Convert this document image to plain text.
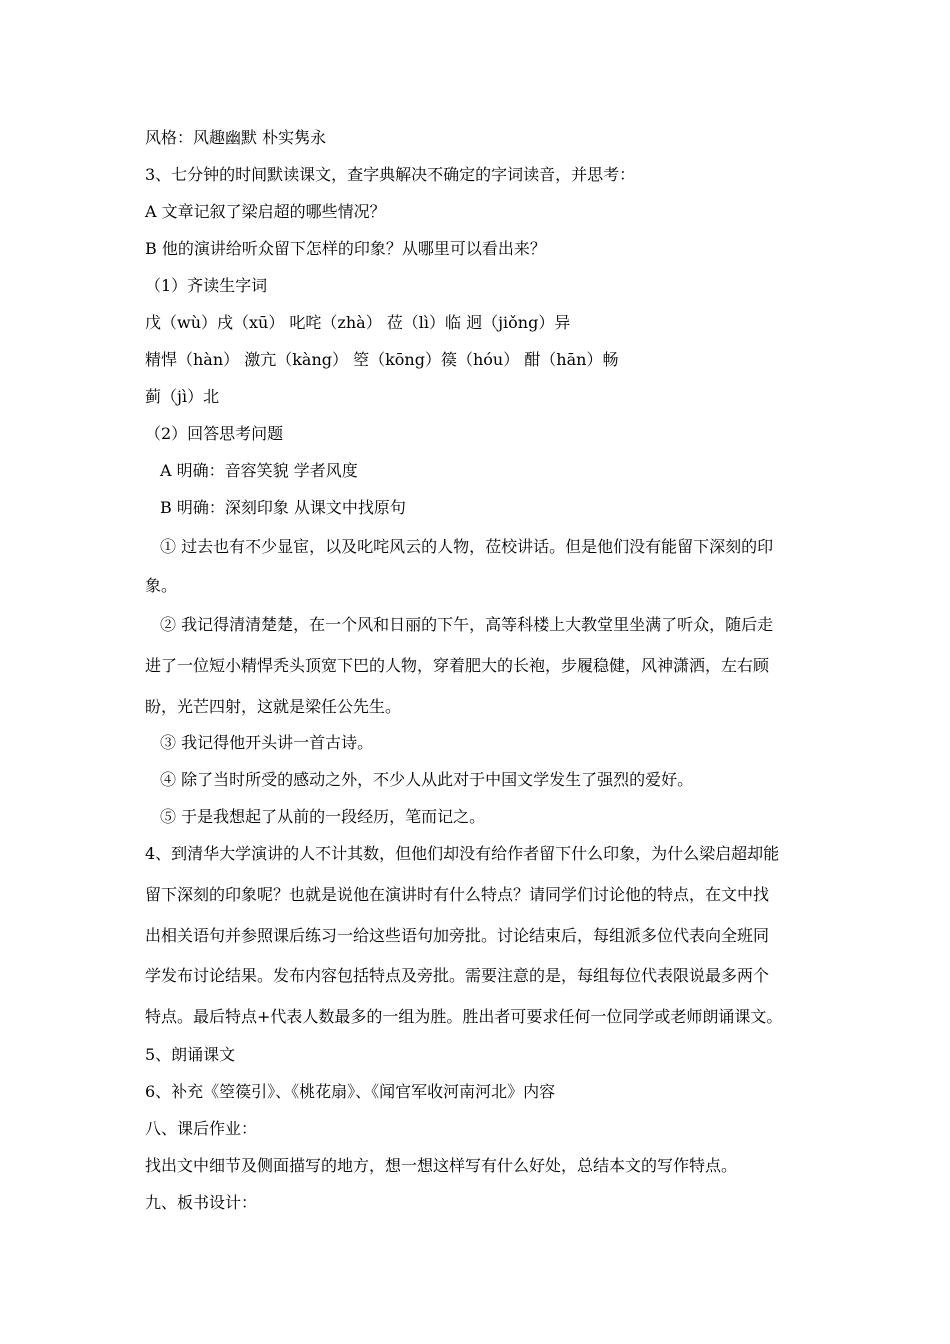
风格：风趣幽默 朴实隽永
3、七分钟的时间默读课文，查字典解决不确定的字词读音，并思考：
A 文章记叙了梁启超的哪些情况？
B 他的演讲给听众留下怎样的印象？从哪里可以看出来？
（1）齐读生字词
戊（wù）戌（xū） 叱咤（zhà） 莅（lì）临 迥（jiǒng）异
精悍（hàn） 激亢（kàng） 箜（kōng）篌（hóu） 酣（hān）畅
蓟（jì）北
（2）回答思考问题
A 明确：音容笑貌 学者风度
B 明确：深刻印象 从课文中找原句
① 过去也有不少显宦，以及叱咤风云的人物，莅校讲话。但是他们没有能留下深刻的印
象。
② 我记得清清楚楚，在一个风和日丽的下午，高等科楼上大教堂里坐满了听众，随后走
进了一位短小精悍秃头顶宽下巴的人物，穿着肥大的长袍，步履稳健，风神潇洒，左右顾
盼，光芒四射，这就是梁任公先生。
③ 我记得他开头讲一首古诗。
④ 除了当时所受的感动之外，不少人从此对于中国文学发生了强烈的爱好。
⑤ 于是我想起了从前的一段经历，笔而记之。
4、到清华大学演讲的人不计其数，但他们却没有给作者留下什么印象，为什么梁启超却能
留下深刻的印象呢？也就是说他在演讲时有什么特点？请同学们讨论他的特点，在文中找
出相关语句并参照课后练习一给这些语句加旁批。讨论结束后，每组派多位代表向全班同
学发布讨论结果。发布内容包括特点及旁批。需要注意的是，每组每位代表限说最多两个
特点。最后特点+代表人数最多的一组为胜。胜出者可要求任何一位同学或老师朗诵课文。
5、朗诵课文
6、补充《箜篌引》、《桃花扇》、《闻官军收河南河北》内容
八、课后作业：
找出文中细节及侧面描写的地方，想一想这样写有什么好处，总结本文的写作特点。
九、板书设计：
